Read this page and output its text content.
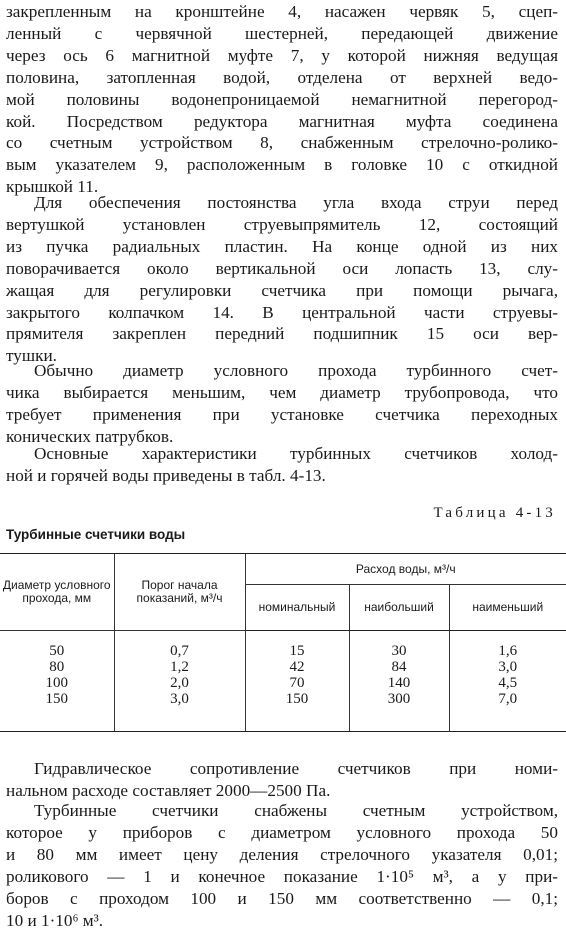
закрепленным на кронштейне 4, насажен червяк 5, сцеп-
ленный с червячной шестерней, передающей движение
через ось 6 магнитной муфте 7, у которой нижняя ведущая
половина, затопленная водой, отделена от верхней ведо-
мой половины водонепроницаемой немагнитной перегород-
кой. Посредством редуктора магнитная муфта соединена
со счетным устройством 8, снабженным стрелочно-ролико-
вым указателем 9, расположенным в головке 10 с откидной
крышкой 11.
Для обеспечения постоянства угла входа струи перед
вертушкой установлен струевыпрямитель 12, состоящий
из пучка радиальных пластин. На конце одной из них
поворачивается около вертикальной оси лопасть 13, слу-
жащая для регулировки счетчика при помощи рычага,
закрытого колпачком 14. В центральной части струевы-
прямителя закреплен передний подшипник 15 оси вер-
тушки.
Обычно диаметр условного прохода турбинного счет-
чика выбирается меньшим, чем диаметр трубопровода, что
требует применения при установке счетчика переходных
конических патрубков.
Основные характеристики турбинных счетчиков холод-
ной и горячей воды приведены в табл. 4-13.
Таблица 4-13
Турбинные счетчики воды
Диаметр условного прохода, мм	Порог начала показаний, м³/ч	Расход воды, м³/ч		
		номинальный	наибольший	наименьший
50	0,7	15	30	1,6
80	1,2	42	84	3,0
100	2,0	70	140	4,5
150	3,0	150	300	7,0
Гидравлическое сопротивление счетчиков при номи-
нальном расходе составляет 2000—2500 Па.
Турбинные счетчики снабжены счетным устройством,
которое у приборов с диаметром условного прохода 50
и 80 мм имеет цену деления стрелочного указателя 0,01;
роликового — 1 и конечное показание 1·10⁵ м³, а у при-
боров с проходом 100 и 150 мм соответственно — 0,1;
10 и 1·10⁶ м³.
